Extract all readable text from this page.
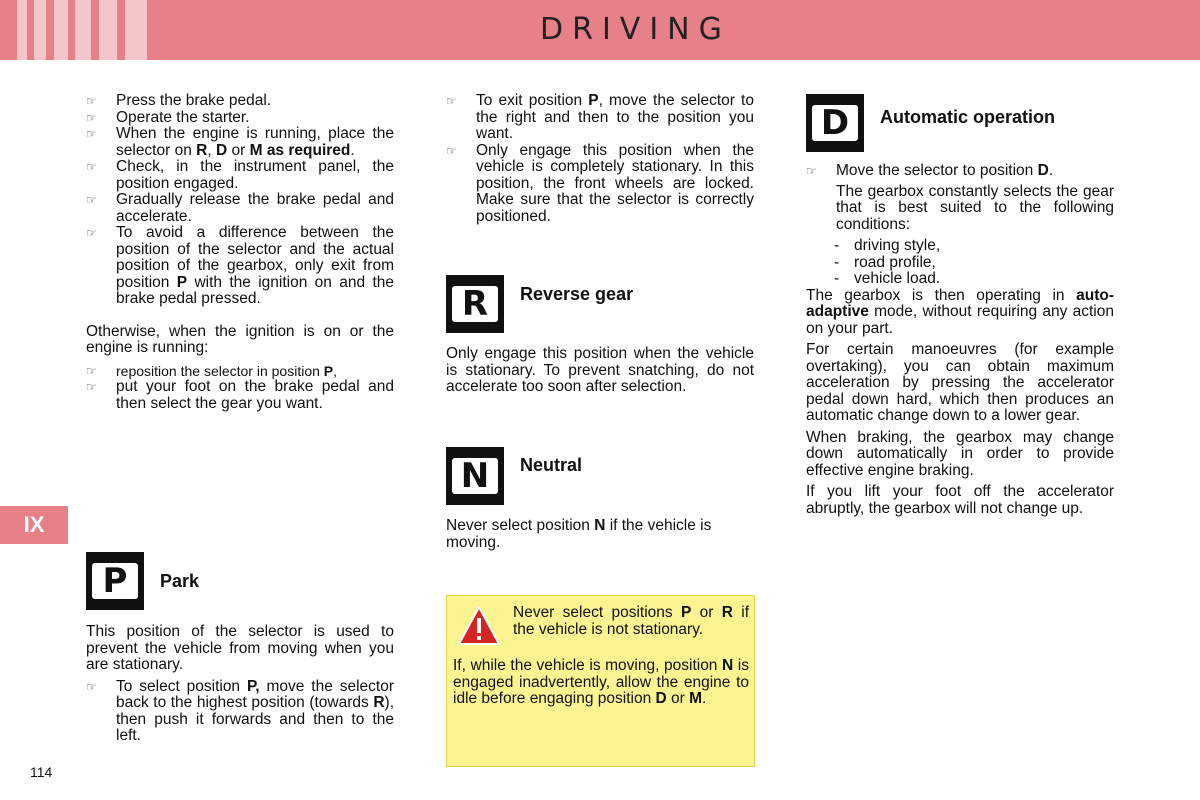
DRIVING
IX
114

☞ Press the brake pedal.

☞ Operate the starter.

☞ When the engine is running, place the selector on R, D or M as required.

☞ Check, in the instrument panel, the position engaged.

☞ Gradually release the brake pedal and accelerate.

☞ To avoid a difference between the position of the selector and the actual position of the gearbox, only exit from position P with the ignition on and the brake pedal pressed.

Otherwise, when the ignition is on or the engine is running:

☞ reposition the selector in position P,

☞ put your foot on the brake pedal and then select the gear you want.

P	Park

This position of the selector is used to prevent the vehicle from moving when you are stationary.

☞ To select position P, move the selector back to the highest position (towards R), then push it forwards and then to the left.

☞ To exit position P, move the selector to the right and then to the position you want.

☞ Only engage this position when the vehicle is completely stationary. In this position, the front wheels are locked. Make sure that the selector is correctly positioned.

R	Reverse gear
Only engage this position when the vehicle is stationary. To prevent snatching, do not accelerate too soon after selection.
N	Neutral
Never select position N if the vehicle is moving.
Never select positions P or R if the vehicle is not stationary.
If, while the vehicle is moving, position N is engaged inadvertently, allow the engine to idle before engaging position D or M.
D	Automatic operation

☞ Move the selector to position D.

The gearbox constantly selects the gear that is best suited to the following conditions:

- driving style,

- road profile,

- vehicle load.

The gearbox is then operating in auto-adaptive mode, without requiring any action on your part.

For certain manoeuvres (for example overtaking), you can obtain maximum acceleration by pressing the accelerator pedal down hard, which then produces an automatic change down to a lower gear.

When braking, the gearbox may change down automatically in order to provide effective engine braking.

If you lift your foot off the accelerator abruptly, the gearbox will not change up.
